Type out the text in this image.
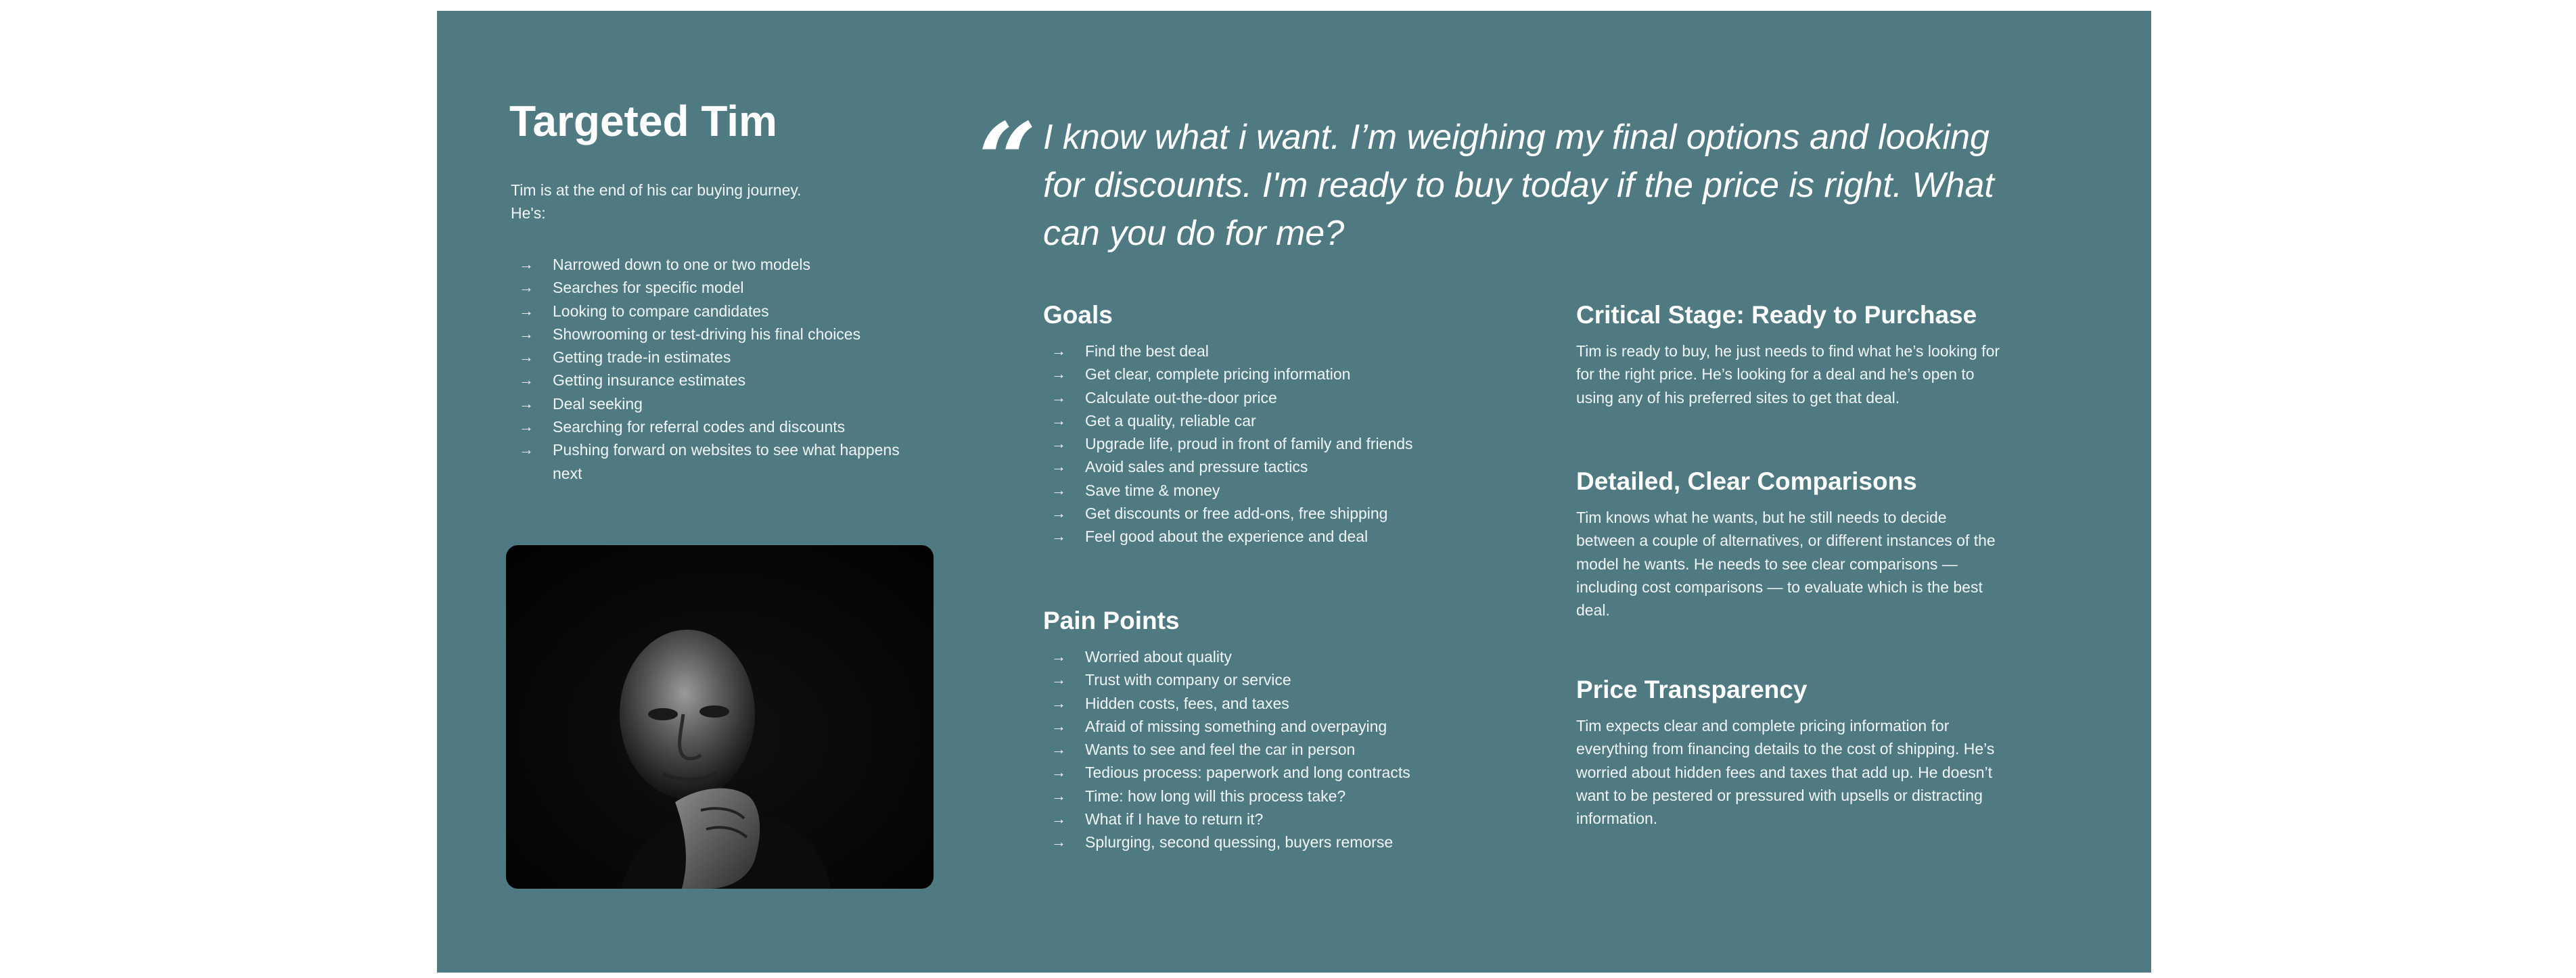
Targeted Tim

Tim is at the end of his car buying journey.
He's:

→	Narrowed down to one or two models
→	Searches for specific model
→	Looking to compare candidates
→	Showrooming or test-driving his final choices
→	Getting trade-in estimates
→	Getting insurance estimates
→	Deal seeking
→	Searching for referral codes and discounts
→	Pushing forward on websites to see what happens next
“ I know what i want. I’m weighing my final options and looking for discounts. I'm ready to buy today if the price is right. What can you do for me?

Goals
→	Find the best deal
→	Get clear, complete pricing information
→	Calculate out-the-door price
→	Get a quality, reliable car
→	Upgrade life, proud in front of family and friends
→	Avoid sales and pressure tactics
→	Save time & money
→	Get discounts or free add-ons, free shipping
→	Feel good about the experience and deal
Pain Points
→	Worried about quality
→	Trust with company or service
→	Hidden costs, fees, and taxes
→	Afraid of missing something and overpaying
→	Wants to see and feel the car in person
→	Tedious process: paperwork and long contracts
→	Time: how long will this process take?
→	What if I have to return it?
→	Splurging, second quessing, buyers remorse
Critical Stage: Ready to Purchase

Tim is ready to buy, he just needs to find what he’s looking for for the right price. He’s looking for a deal and he’s open to using any of his preferred sites to get that deal.

Detailed, Clear Comparisons

Tim knows what he wants, but he still needs to decide between a couple of alternatives, or different instances of the model he wants. He needs to see clear comparisons — including cost comparisons — to evaluate which is the best deal.

Price Transparency

Tim expects clear and complete pricing information for everything from financing details to the cost of shipping. He’s worried about hidden fees and taxes that add up. He doesn’t want to be pestered or pressured with upsells or distracting information.
